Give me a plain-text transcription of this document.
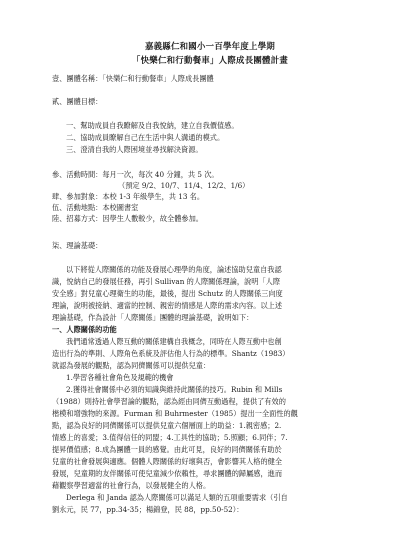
嘉義縣仁和國小一百學年度上學期
「快樂仁和行動餐車」人際成長團體計畫
壹、團體名稱：「快樂仁和行動餐車」人際成長團體
貳、團體目標：
一、幫助成員自我瞭解及自我悅納，建立自我價值感。
二、協助成員瞭解自己在生活中與人溝通的模式。
三、澄清自我的人際困境並尋找解決資源。
參、活動時間：每月一次，每次 40 分鐘，共 5 次。
（預定 9/2、10/7、11/4、12/2、1/6）
肆、參加對象：本校 1-3 年級學生，共 13 名。
伍、活動地點：本校圖書室
陸、招募方式：因學生人數較少，故全體參加。
柒、理論基礎：
以下將從人際關係的功能及發展心理學的角度，論述協助兒童自我認
識，悅納自己的發展任務，再引 Sullivan 的人際關係理論，說明「人際
安全感」對兒童心理衛生的功能，最後，提出 Schutz 的人際關係三向度
理論，說明被接納、適當的控制、親密的情感是人際的需求內容。以上述
理論基礎，作為設計「人際關係」團體的理論基礎，說明如下：
一、人際關係的功能
我們通常透過人際互動的關係建構自我概念，同時在人際互動中也創
造出行為的準則、人際角色系統及評估他人行為的標準。Shantz（1983）
就認為發展的觀點，認為同儕關係可以提供兒童：
1.學習各種社會角色及規範的機會
2.獲得社會關係中必須的知識與維持此關係的技巧。Rubin 和 Mills
（1988）則持社會學習論的觀點，認為經由同儕互動過程，提供了有效的
楷模和增強物的來源。Furman 和 Buhrmester（1985）提出一全面性的觀
點，認為良好的同儕關係可以提供兒童六個層面上的助益：1.親密感；2.
情感上的喜愛；3.值得信任的同盟；4.工具性的協助；5.照顧；6.同伴；7.
提昇價值感；8.成為團體一員的感覺。由此可見，良好的同儕關係有助於
兒童的社會發展與適應。個體人際關係的好壞與否，會影響其人格的健全
發展，兒童期的友伴關係可使兒童減少依賴性，尋求團體的歸屬感，進而
藉觀察學習適當的社會行為，以發展健全的人格。
Derlega 和 Janda 認為人際關係可以滿足人類的五項重要需求（引自
劉永元，民 77，pp.34-35；楊錦登，民 88，pp.50-52）：
